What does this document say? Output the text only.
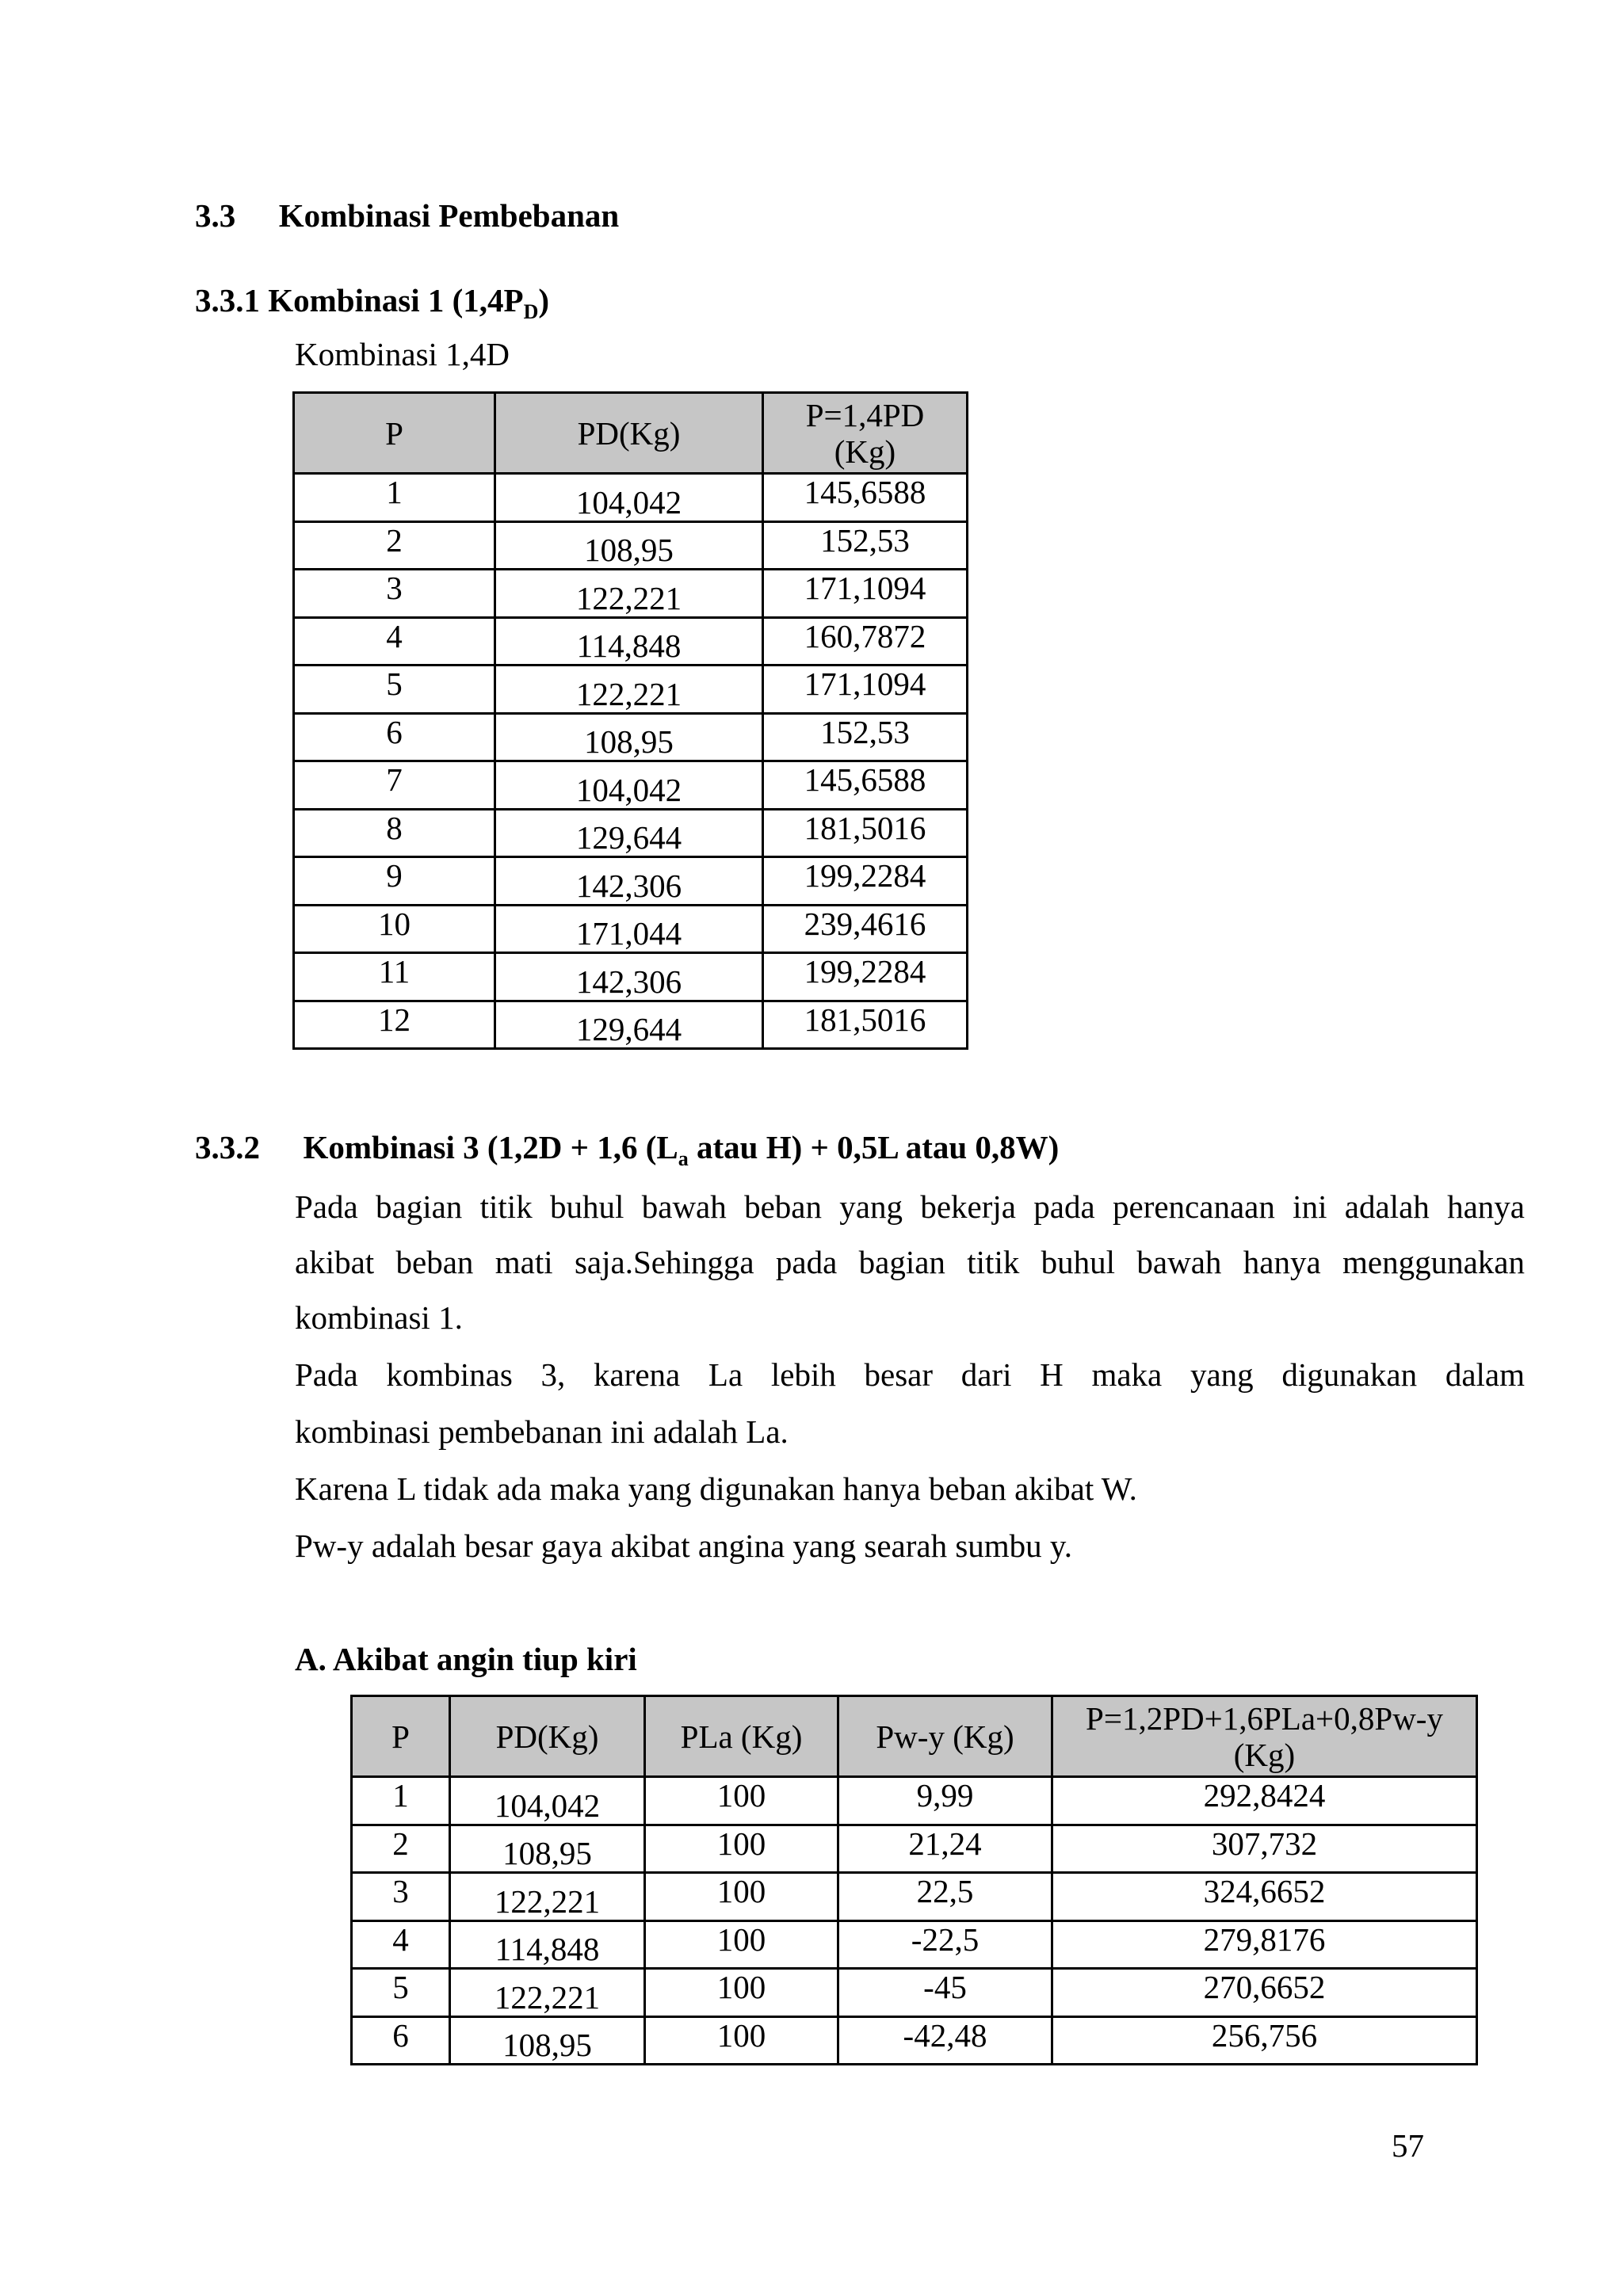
3.3 Kombinasi Pembebanan
3.3.1 Kombinasi 1 $(1,4P_D)$
Kombinasi 1,4D
P	PD(Kg)	P=1,4PD
(Kg)
1	104,042	145,6588
2	108,95	152,53
3	122,221	171,1094
4	114,848	160,7872
5	122,221	171,1094
6	108,95	152,53
7	104,042	145,6588
8	129,644	181,5016
9	142,306	199,2284
10	171,044	239,4616
11	142,306	199,2284
12	129,644	181,5016
3.3.2 Kombinasi 3 (1,2D + 1,6 ($L_a$ atau H) + 0,5L atau 0,8W)
Pada bagian titik buhul bawah beban yang bekerja pada perencanaan ini adalah hanya
akibat beban mati saja.Sehingga pada bagian titik buhul bawah hanya menggunakan
kombinasi 1.
Pada kombinas 3, karena La lebih besar dari H maka yang digunakan dalam
kombinasi pembebanan ini adalah La.
Karena L tidak ada maka yang digunakan hanya beban akibat W.
Pw-y adalah besar gaya akibat angina yang searah sumbu y.
A. Akibat angin tiup kiri
P	PD(Kg)	PLa (Kg)	Pw-y (Kg)	P=1,2PD+1,6PLa+0,8Pw-y
(Kg)
1	104,042	100	9,99	292,8424
2	108,95	100	21,24	307,732
3	122,221	100	22,5	324,6652
4	114,848	100	-22,5	279,8176
5	122,221	100	-45	270,6652
6	108,95	100	-42,48	256,756
57
